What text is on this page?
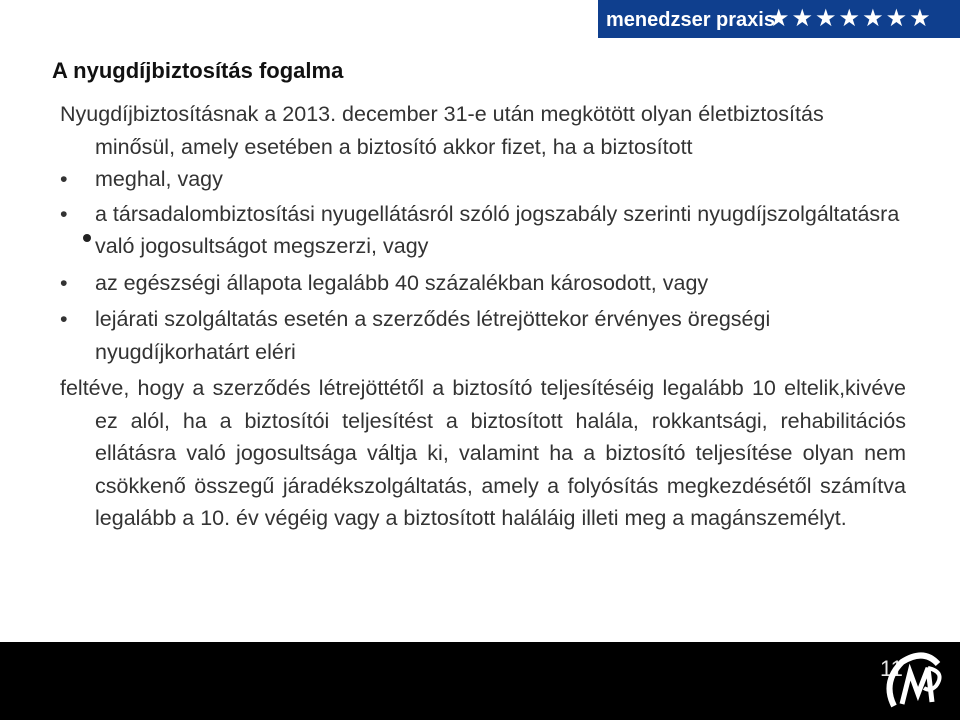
menedzser praxis
★★★★★★★
A nyugdíjbiztosítás fogalma

Nyugdíjbiztosításnak a 2013. december 31-e után megkötött olyan életbiztosítás minősül, amely esetében a biztosító akkor fizet, ha a biztosított

• meghal, vagy
• a társadalombiztosítási nyugellátásról szóló jogszabály szerinti nyugdíjszolgáltatásra való jogosultságot megszerzi, vagy
• az egészségi állapota legalább 40 százalékban károsodott, vagy
• lejárati szolgáltatás esetén a szerződés létrejöttekor érvényes öregségi nyugdíjkorhatárt eléri

feltéve, hogy a szerződés létrejöttétől a biztosító teljesítéséig legalább 10 eltelik,kivéve ez alól, ha a biztosítói teljesítést a biztosított halála, rokkantsági, rehabilitációs ellátásra való jogosultsága váltja ki, valamint ha a biztosító teljesítése olyan nem csökkenő összegű járadékszolgáltatás, amely a folyósítás megkezdésétől számítva legalább a 10. év végéig vagy a biztosított haláláig illeti meg a magánszemélyt.

11
